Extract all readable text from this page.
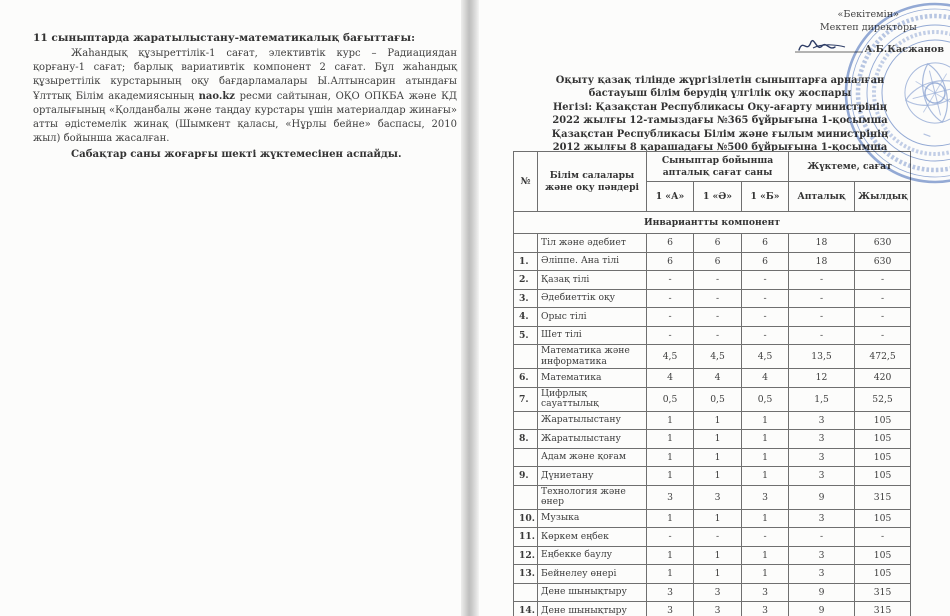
11 сыныптарда жаратылыстану-математикалық бағыттағы:
Жаһандық құзыреттілік-1 сағат, элективтік курс – Радиациядан қорғану-1 сағат; барлық вариативтік компонент 2 сағат. Бұл жаһандық құзыреттілік курстарының оқу бағдарламалары Ы.Алтынсарин атындағы Ұлттық Білім академиясының nao.kz ресми сайтынан, ОҚО ОПКБА және КД орталығының «Қолданбалы және таңдау курстары үшін материалдар жинағы» атты әдістемелік жинақ (Шымкент қаласы, «Нұрлы бейне» баспасы, 2010 жыл) бойынша жасалған.
Сабақтар саны жоғарғы шекті жүктемесінен аспайды.
«Бекітемін»
Мектеп директоры
А.Б.Касжанов
Оқыту қазақ тілінде жүргізілетін сыныптарға арналған
бастауыш білім берудің үлгілік оқу жоспары
Негізі: Қазақстан Республикасы Оқу-ағарту министрінің
2022 жылғы 12-тамыздағы №365 бұйрығына 1-қосымша
Қазақстан Республикасы Білім және ғылым министрінің
2012 жылғы 8 қарашадағы №500 бұйрығына 1-қосымша
№	Білім салалары және оқу пәндері	Сыныптар бойынша апталық сағат саны			Жүктеме, сағат	
		1 «А»	1 «Ә»	1 «Б»	Апталық	Жылдық
Инвариантты компонент						
	Тіл және әдебиет	6	6	6	18	630
1.	Әліппе. Ана тілі	6	6	6	18	630
2.	Қазақ тілі	-	-	-	-	-
3.	Әдебиеттік оқу	-	-	-	-	-
4.	Орыс тілі	-	-	-	-	-
5.	Шет тілі	-	-	-	-	-
	Математика және информатика	4,5	4,5	4,5	13,5	472,5
6.	Математика	4	4	4	12	420
7.	Цифрлық сауаттылық	0,5	0,5	0,5	1,5	52,5
	Жаратылыстану	1	1	1	3	105
8.	Жаратылыстану	1	1	1	3	105
	Адам және қоғам	1	1	1	3	105
9.	Дүниетану	1	1	1	3	105
	Технология және өнер	3	3	3	9	315
10.	Музыка	1	1	1	3	105
11.	Көркем еңбек	-	-	-	-	-
12.	Еңбекке баулу	1	1	1	3	105
13.	Бейнелеу өнері	1	1	1	3	105
	Дене шынықтыру	3	3	3	9	315
14.	Дене шынықтыру	3	3	3	9	315
